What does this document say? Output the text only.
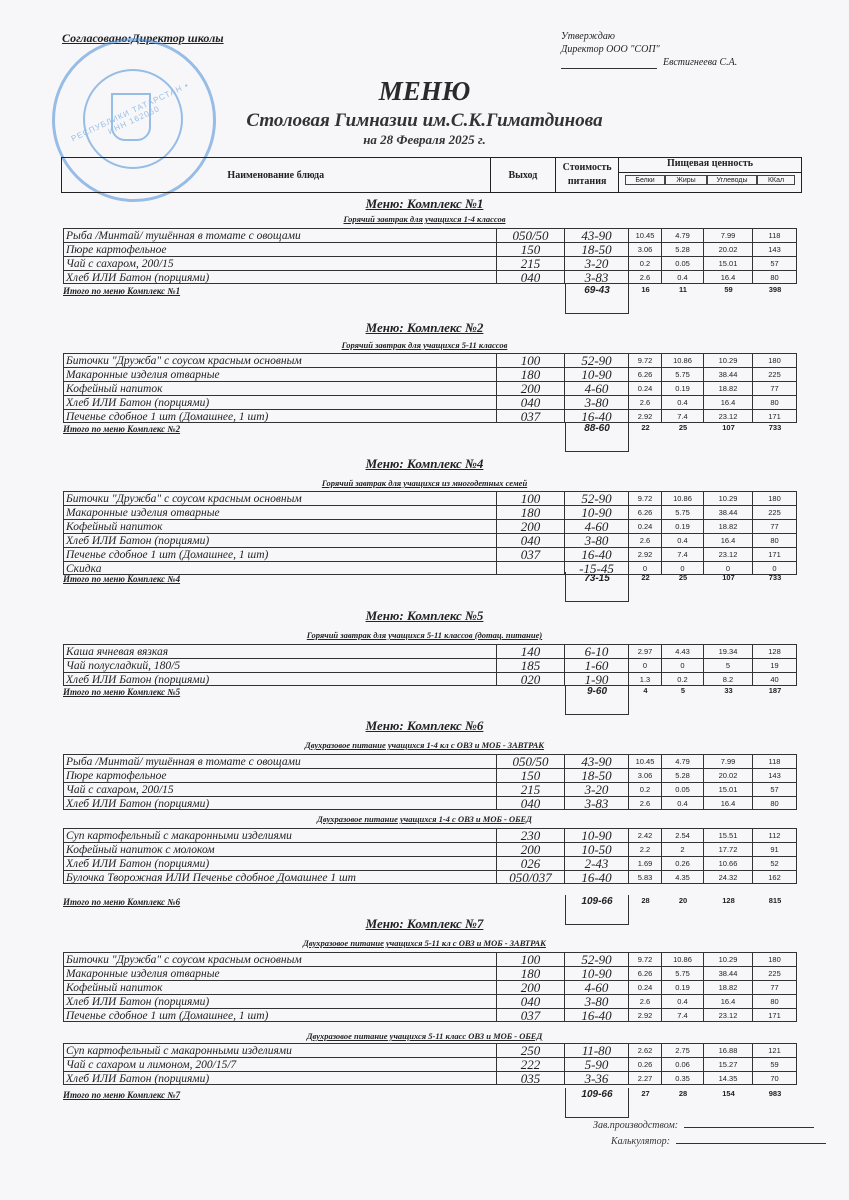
Согласовано:Директор школы
РЕСПУБЛИКИ ТАТАРСТАН • ИНН 162060
Утверждаю
Директор ООО "СОП"
Евстигнеева С.А.
МЕНЮ
Столовая Гимназии им.С.К.Гиматдинова
на 28 Февраля 2025 г.
Наименование блюда	Выход
Стоимость
питания
Пищевая ценность
Белки	Жиры	Углеводы	ККал
Меню: Комплекс №1
Горячий завтрак для учащихся 1-4 классов
Рыба /Минтай/ тушённая в томате с овощами	050/50	43-90	10.45	4.79	7.99	118
Пюре картофельное	150	18-50	3.06	5.28	20.02	143
Чай с сахаром, 200/15	215	3-20	0.2	0.05	15.01	57
Хлеб ИЛИ Батон (порциями)	040	3-83	2.6	0.4	16.4	80
Итого по меню Комплекс №1	69-43	16	11	59	398
Меню: Комплекс №2
Горячий завтрак для учащихся 5-11 классов
Биточки "Дружба" с соусом красным основным	100	52-90	9.72	10.86	10.29	180
Макаронные изделия отварные	180	10-90	6.26	5.75	38.44	225
Кофейный напиток	200	4-60	0.24	0.19	18.82	77
Хлеб ИЛИ Батон (порциями)	040	3-80	2.6	0.4	16.4	80
Печенье сдобное 1 шт (Домашнее, 1 шт)	037	16-40	2.92	7.4	23.12	171
Итого по меню Комплекс №2	88-60	22	25	107	733
Меню: Комплекс №4
Горячий завтрак для учащихся из многодетных семей
Биточки "Дружба" с соусом красным основным	100	52-90	9.72	10.86	10.29	180
Макаронные изделия отварные	180	10-90	6.26	5.75	38.44	225
Кофейный напиток	200	4-60	0.24	0.19	18.82	77
Хлеб ИЛИ Батон (порциями)	040	3-80	2.6	0.4	16.4	80
Печенье сдобное 1 шт (Домашнее, 1 шт)	037	16-40	2.92	7.4	23.12	171
Скидка	-15-45	0	0	0	0
Итого по меню Комплекс №4	73-15	22	25	107	733
Меню: Комплекс №5
Горячий завтрак для учащихся 5-11 классов (дотац. питание)
Каша ячневая вязкая	140	6-10	2.97	4.43	19.34	128
Чай полусладкий, 180/5	185	1-60	0	0	5	19
Хлеб ИЛИ Батон (порциями)	020	1-90	1.3	0.2	8.2	40
Итого по меню Комплекс №5	9-60	4	5	33	187
Меню: Комплекс №6
Двухразовое питание учащихся 1-4 кл с ОВЗ и МОБ - ЗАВТРАК
Рыба /Минтай/ тушённая в томате с овощами	050/50	43-90	10.45	4.79	7.99	118
Пюре картофельное	150	18-50	3.06	5.28	20.02	143
Чай с сахаром, 200/15	215	3-20	0.2	0.05	15.01	57
Хлеб ИЛИ Батон (порциями)	040	3-83	2.6	0.4	16.4	80
Двухразовое питание учащихся 1-4 с ОВЗ и МОБ - ОБЕД
Суп картофельный с макаронными изделиями	230	10-90	2.42	2.54	15.51	112
Кофейный напиток с молоком	200	10-50	2.2	2	17.72	91
Хлеб ИЛИ Батон (порциями)	026	2-43	1.69	0.26	10.66	52
Булочка Творожная ИЛИ Печенье сдобное Домашнее 1 шт	050/037	16-40	5.83	4.35	24.32	162
Итого по меню Комплекс №6	109-66	28	20	128	815
Меню: Комплекс №7
Двухразовое питание учащихся 5-11 кл с ОВЗ и МОБ - ЗАВТРАК
Биточки "Дружба" с соусом красным основным	100	52-90	9.72	10.86	10.29	180
Макаронные изделия отварные	180	10-90	6.26	5.75	38.44	225
Кофейный напиток	200	4-60	0.24	0.19	18.82	77
Хлеб ИЛИ Батон (порциями)	040	3-80	2.6	0.4	16.4	80
Печенье сдобное 1 шт (Домашнее, 1 шт)	037	16-40	2.92	7.4	23.12	171
Двухразовое питание учащихся 5-11 класс ОВЗ и МОБ - ОБЕД
Суп картофельный с макаронными изделиями	250	11-80	2.62	2.75	16.88	121
Чай с сахаром и лимоном, 200/15/7	222	5-90	0.26	0.06	15.27	59
Хлеб ИЛИ Батон (порциями)	035	3-36	2.27	0.35	14.35	70
Итого по меню Комплекс №7	109-66	27	28	154	983
Зав.производством:
Калькулятор:
